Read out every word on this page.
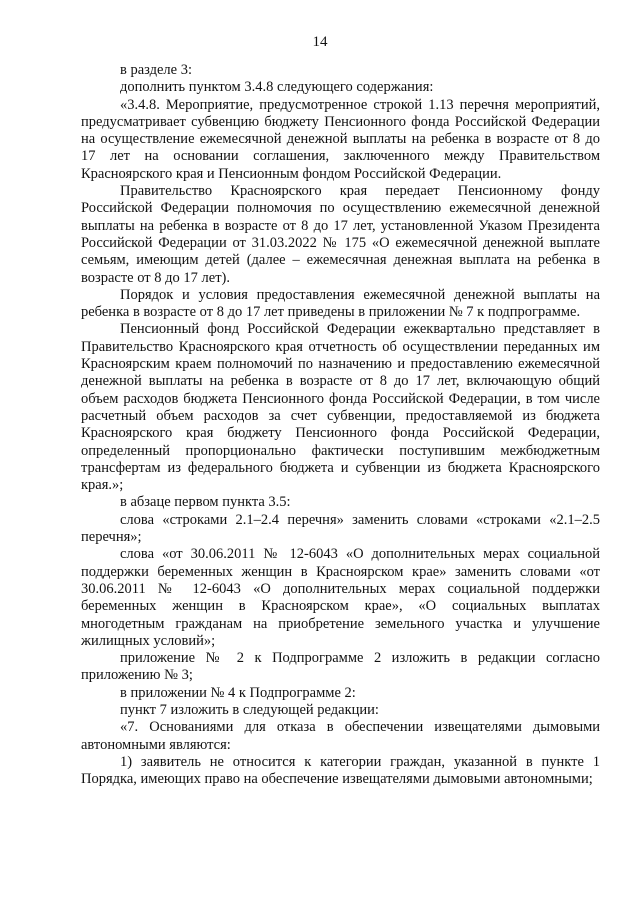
14

в разделе 3:

дополнить пунктом 3.4.8 следующего содержания:

«3.4.8. Мероприятие, предусмотренное строкой 1.13 перечня мероприятий, предусматривает субвенцию бюджету Пенсионного фонда Российской Федерации на осуществление ежемесячной денежной выплаты на ребенка в возрасте от 8 до 17 лет на основании соглашения, заключенного между Правительством Красноярского края и Пенсионным фондом Российской Федерации.

Правительство Красноярского края передает Пенсионному фонду Российской Федерации полномочия по осуществлению ежемесячной денежной выплаты на ребенка в возрасте от 8 до 17 лет, установленной Указом Президента Российской Федерации от 31.03.2022 № 175 «О ежемесячной денежной выплате семьям, имеющим детей (далее – ежемесячная денежная выплата на ребенка в возрасте от 8 до 17 лет).

Порядок и условия предоставления ежемесячной денежной выплаты на ребенка в возрасте от 8 до 17 лет приведены в приложении № 7 к подпрограмме.

Пенсионный фонд Российской Федерации ежеквартально представляет в Правительство Красноярского края отчетность об осуществлении переданных им Красноярским краем полномочий по назначению и предоставлению ежемесячной денежной выплаты на ребенка в возрасте от 8 до 17 лет, включающую общий объем расходов бюджета Пенсионного фонда Российской Федерации, в том числе расчетный объем расходов за счет субвенции, предоставляемой из бюджета Красноярского края бюджету Пенсионного фонда Российской Федерации, определенный пропорционально фактически поступившим межбюджетным трансфертам из федерального бюджета и субвенции из бюджета Красноярского края.»;

в абзаце первом пункта 3.5:

слова «строками 2.1–2.4 перечня» заменить словами «строками «2.1–2.5 перечня»;

слова «от 30.06.2011 № 12-6043 «О дополнительных мерах социальной поддержки беременных женщин в Красноярском крае» заменить словами «от 30.06.2011 № 12-6043 «О дополнительных мерах социальной поддержки беременных женщин в Красноярском крае», «О социальных выплатах многодетным гражданам на приобретение земельного участка и улучшение жилищных условий»;

приложение № 2 к Подпрограмме 2 изложить в редакции согласно приложению № 3;

в приложении № 4 к Подпрограмме 2:

пункт 7 изложить в следующей редакции:

«7. Основаниями для отказа в обеспечении извещателями дымовыми автономными являются:

1) заявитель не относится к категории граждан, указанной в пункте 1 Порядка, имеющих право на обеспечение извещателями дымовыми автономными;
